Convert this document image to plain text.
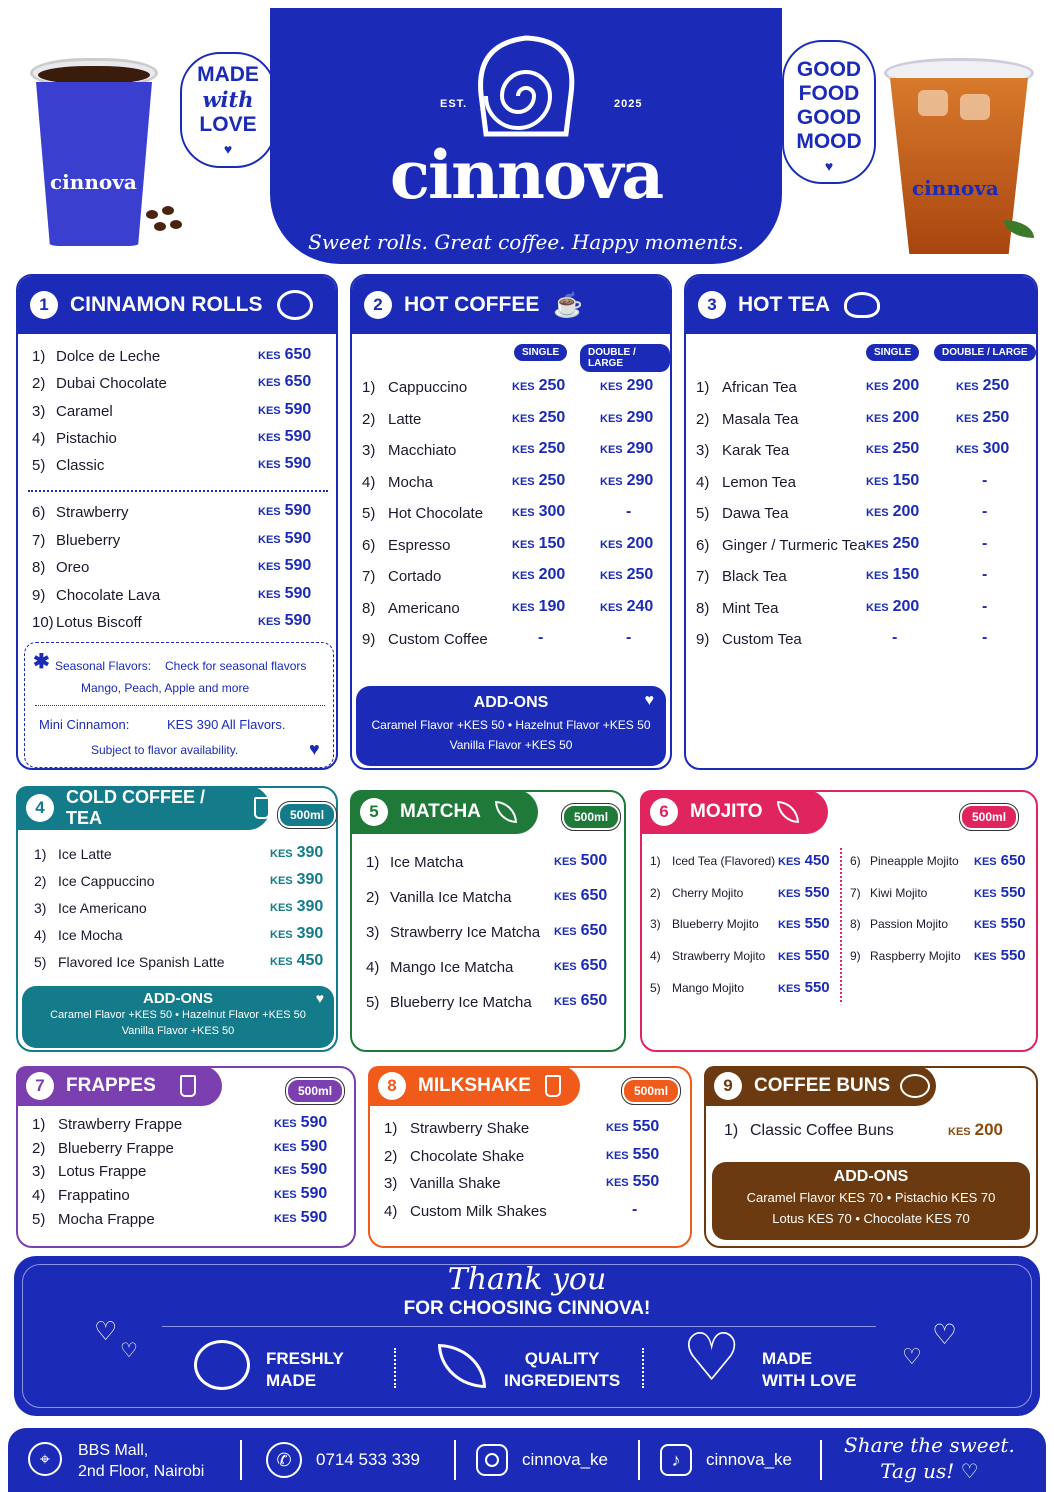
cinnova
MADE
with
LOVE
♥
EST.	2025
cinnova
Sweet rolls. Great coffee. Happy moments.
♡
♡
GOOD
FOOD
GOOD
MOOD
♥
cinnova
1	CINNAMON ROLLS
1) Dolce de Leche	KES 650
2) Dubai Chocolate	KES 650
3) Caramel	KES 590
4) Pistachio	KES 590
5) Classic	KES 590
6) Strawberry	KES 590
7) Blueberry	KES 590
8) Oreo	KES 590
9) Chocolate Lava	KES 590
10) Lotus Biscoff	KES 590
✱ Seasonal Flavors: Check for seasonal flavors
Mango, Peach, Apple and more
Mini Cinnamon:	KES 390 All Flavors.
Subject to flavor availability.	♥
2	HOT COFFEE ☕
SINGLE	DOUBLE / LARGE
1) Cappuccino	KES 250	KES 290
2) Latte	KES 250	KES 290
3) Macchiato	KES 250	KES 290
4) Mocha	KES 250	KES 290
5) Hot Chocolate	KES 300	-
6) Espresso	KES 150	KES 200
7) Cortado	KES 200	KES 250
8) Americano	KES 190	KES 240
9) Custom Coffee	-	-
ADD-ONS
Caramel Flavor +KES 50 • Hazelnut Flavor +KES 50
Vanilla Flavor +KES 50
♥
3	HOT TEA
SINGLE	DOUBLE / LARGE
1) African Tea	KES 200	KES 250
2) Masala Tea	KES 200	KES 250
3) Karak Tea	KES 250	KES 300
4) Lemon Tea	KES 150	-
5) Dawa Tea	KES 200	-
6) Ginger / Turmeric Tea KES 250	-
7) Black Tea	KES 150	-
8) Mint Tea	KES 200	-
9) Custom Tea	-	-
4
COLD COFFEE / TEA	500ml
1) Ice Latte	KES 390
2) Ice Cappuccino	KES 390
3) Ice Americano	KES 390
4) Ice Mocha	KES 390
5) Flavored Ice Spanish Latte	KES 450
ADD-ONS
Caramel Flavor +KES 50 • Hazelnut Flavor +KES 50
Vanilla Flavor +KES 50
♥
5	MATCHA	500ml
1) Ice Matcha	KES 500
2) Vanilla Ice Matcha	KES 650
3) Strawberry Ice Matcha KES 650
4) Mango Ice Matcha	KES 650
5) Blueberry Ice Matcha KES 650
6	MOJITO	500ml
1) Iced Tea (Flavored) KES 450
2) Cherry Mojito	KES 550
3) Blueberry Mojito KES 550
4) Strawberry Mojito KES 550
5) Mango Mojito	KES 550
6) Pineapple Mojito KES 650
7) Kiwi Mojito	KES 550
8) Passion Mojito KES 550
9) Raspberry Mojito KES 550
7	FRAPPES	500ml
1) Strawberry Frappe	KES 590
2) Blueberry Frappe	KES 590
3) Lotus Frappe	KES 590
4) Frappatino	KES 590
5) Mocha Frappe	KES 590
8	MILKSHAKE	500ml
1) Strawberry Shake	KES 550
2) Chocolate Shake	KES 550
3) Vanilla Shake	KES 550
4) Custom Milk Shakes	-
9	COFFEE BUNS
1) Classic Coffee Buns	KES 200
ADD-ONS
Caramel Flavor KES 70 • Pistachio KES 70
Lotus KES 70 • Chocolate KES 70
Thank you
FOR CHOOSING CINNOVA!
♡
♡	♡
♡
FRESHLY
MADE
QUALITY
INGREDIENTS ♡ MADE
WITH LOVE
⌖	BBS Mall,
2nd Floor, Nairobi
✆	0714 533 339	cinnova_ke	♪	cinnova_ke
Share the sweet.
Tag us! ♡
